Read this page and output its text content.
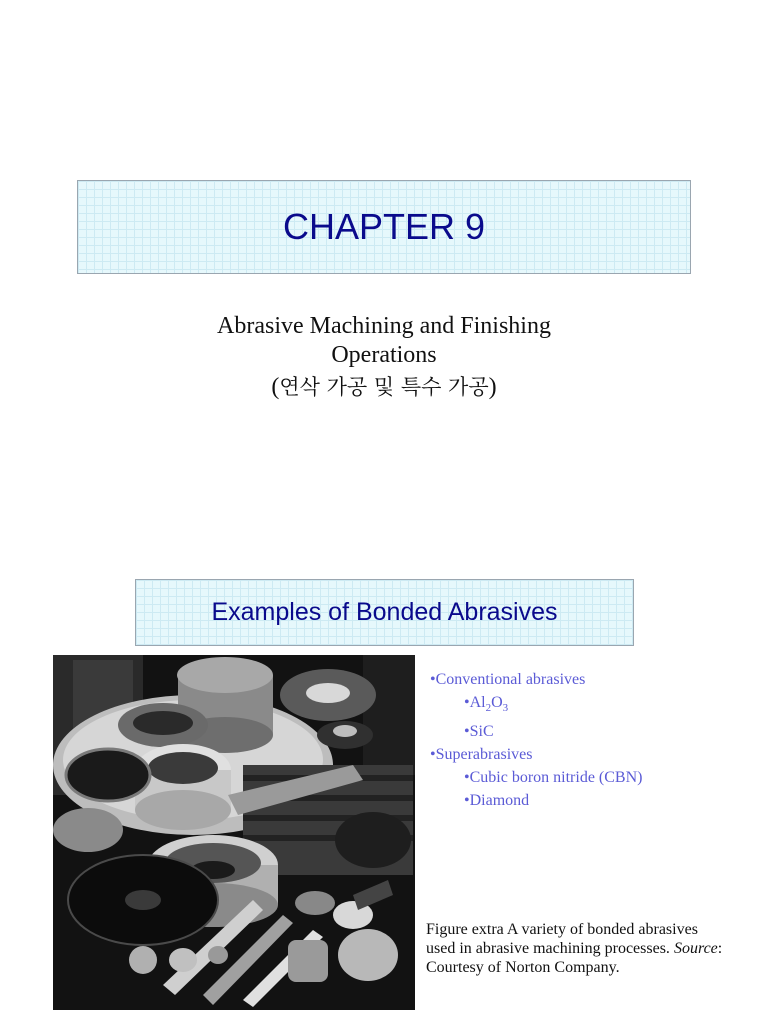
CHAPTER 9
Abrasive Machining and Finishing
Operations
(연삭 가공 및 특수 가공)
Examples of Bonded Abrasives
•Conventional abrasives
$•Al_2O_3$
•SiC
•Superabrasives
•Cubic boron nitride (CBN)
•Diamond
Figure extra A variety of bonded abrasives used in abrasive machining processes. Source: Courtesy of Norton Company.
